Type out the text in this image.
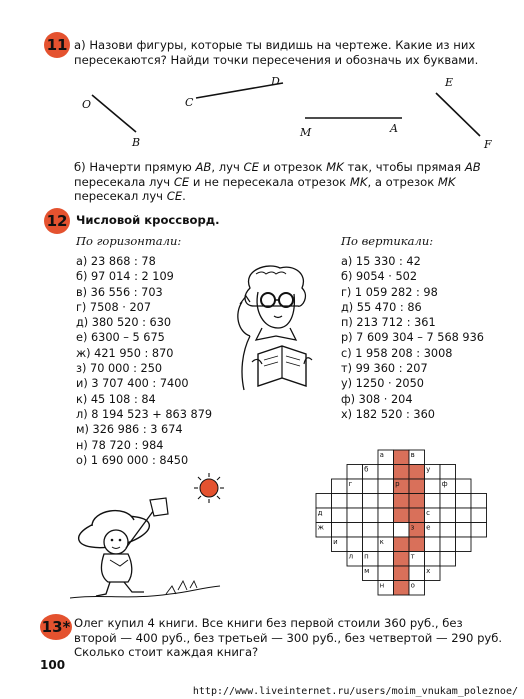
11 а) Назови фигуры, которые ты видишь на чертеже. Какие из них пересекаются? Найди точки пересечения и обозначь их буквами.
O
B
C
D
M	A
E
F
б) Начерти прямую AB, луч CE и отрезок MK так, чтобы прямая AB пересекала луч CE и не пересекала отрезок MK, а отрезок MK пересекал луч CE.
12 Числовой кроссворд.
По горизонтали:	По вертикали:
а) 23 868 : 78
б) 97 014 : 2 109
в) 36 556 : 703
г) 7508 · 207
д) 380 520 : 630
е) 6300 – 5 675
ж) 421 950 : 870
з) 70 000 : 250
и) 3 707 400 : 7400
к) 45 108 : 84
л) 8 194 523 + 863 879
м) 326 986 : 3 674
н) 78 720 : 984
о) 1 690 000 : 8450
а) 15 330 : 42
б) 9054 · 502
г) 1 059 282 : 98
д) 55 470 : 86
п) 213 712 : 361
р) 7 609 304 – 7 568 936
с) 1 958 208 : 3008
т) 99 360 : 207
у) 1250 · 2050
ф) 308 · 204
х) 182 520 : 360
а	в
б	у
г	р	ф
д	с
ж	е
и	к
л п	т
м	х
н	о
з
13* Олег купил 4 книги. Все книги без первой стоили 360 руб., без второй — 400 руб., без третьей — 300 руб., без четвертой — 290 руб. Сколько стоит каждая книга?
100
http://www.liveinternet.ru/users/moim_vnukam_poleznoe/
